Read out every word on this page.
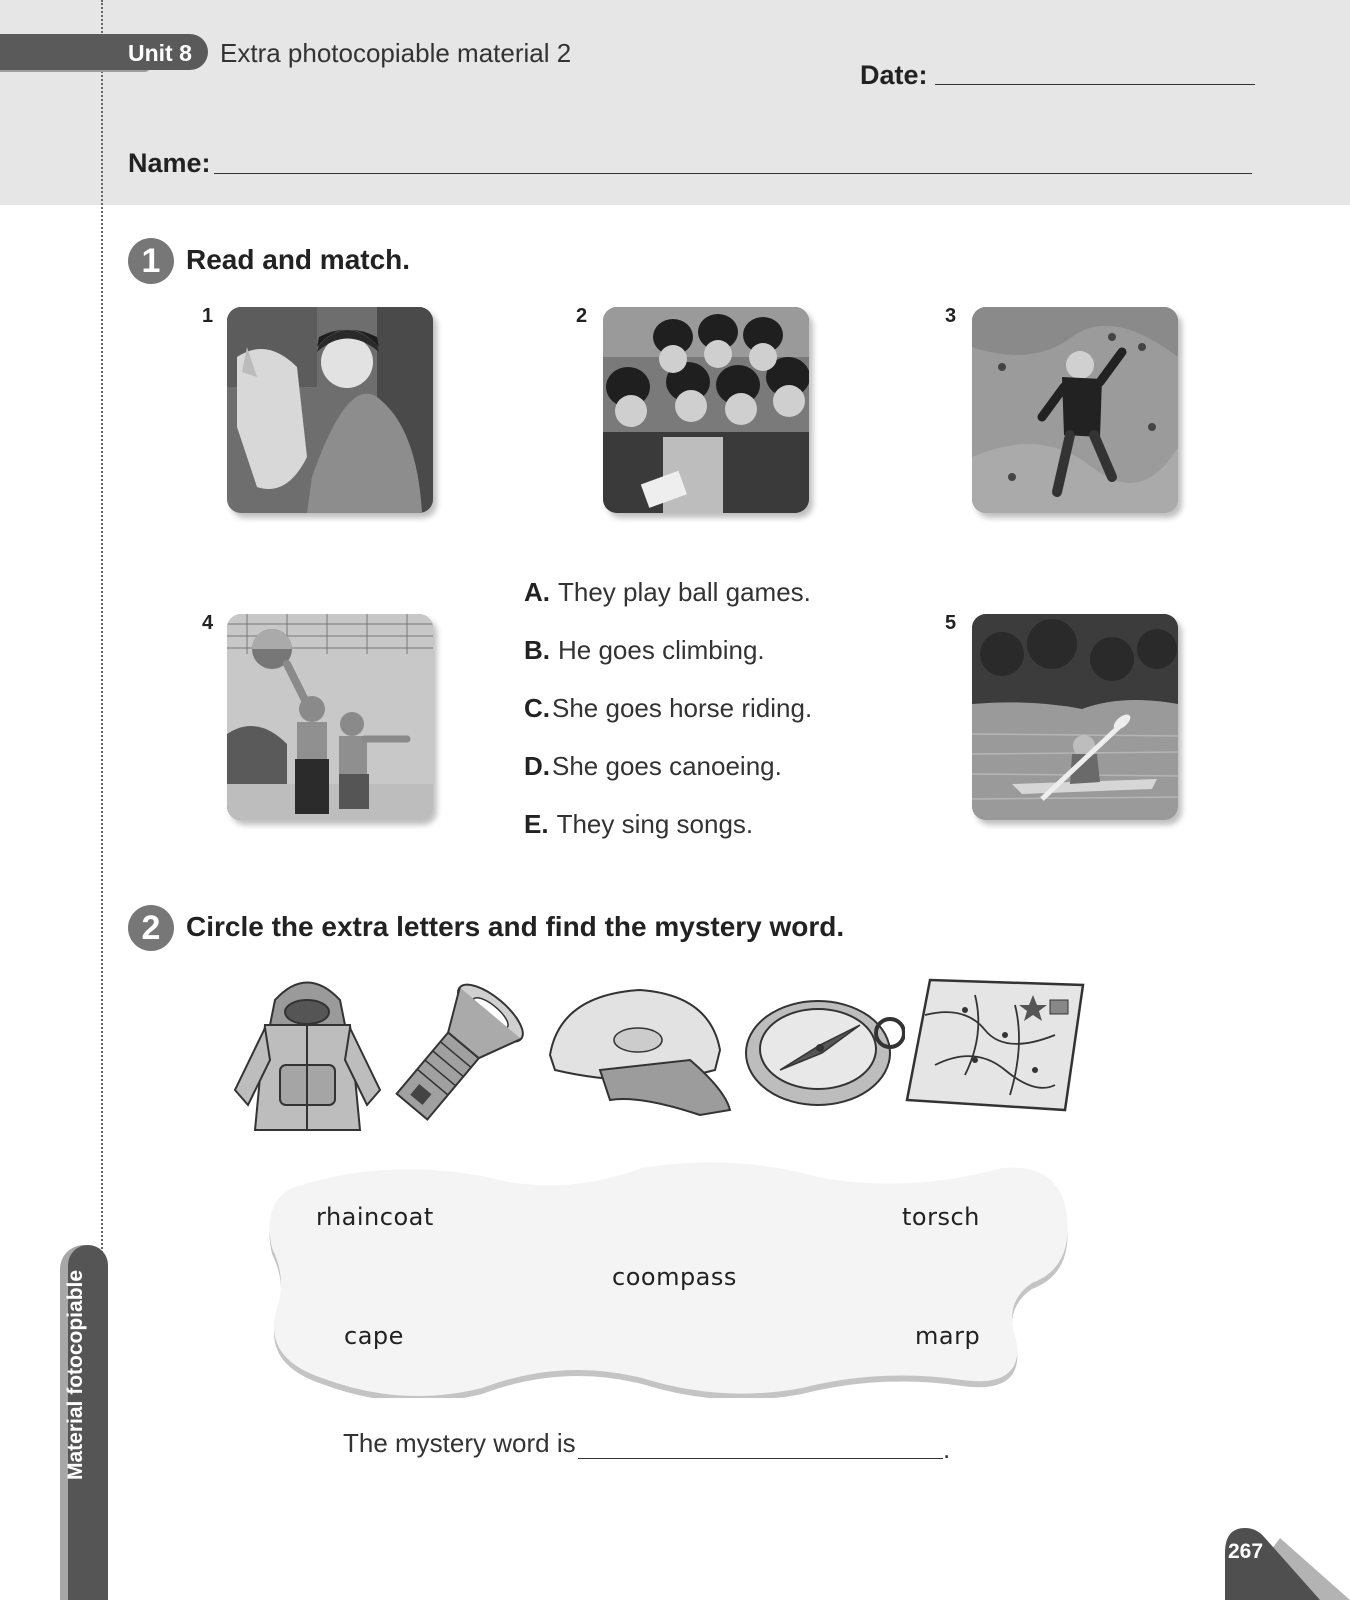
Unit 8 Extra photocopiable material 2
Date:
Name:
1 Read and match.
1	2	3
4	5
A. They play ball games.
B. He goes climbing.
C.She goes horse riding.
D.She goes canoeing.
E. They sing songs.
2 Circle the extra letters and find the mystery word.
rhaincoat	torsch
coompass
cape	marp
The mystery word is	.
Material fotocopiable
267
